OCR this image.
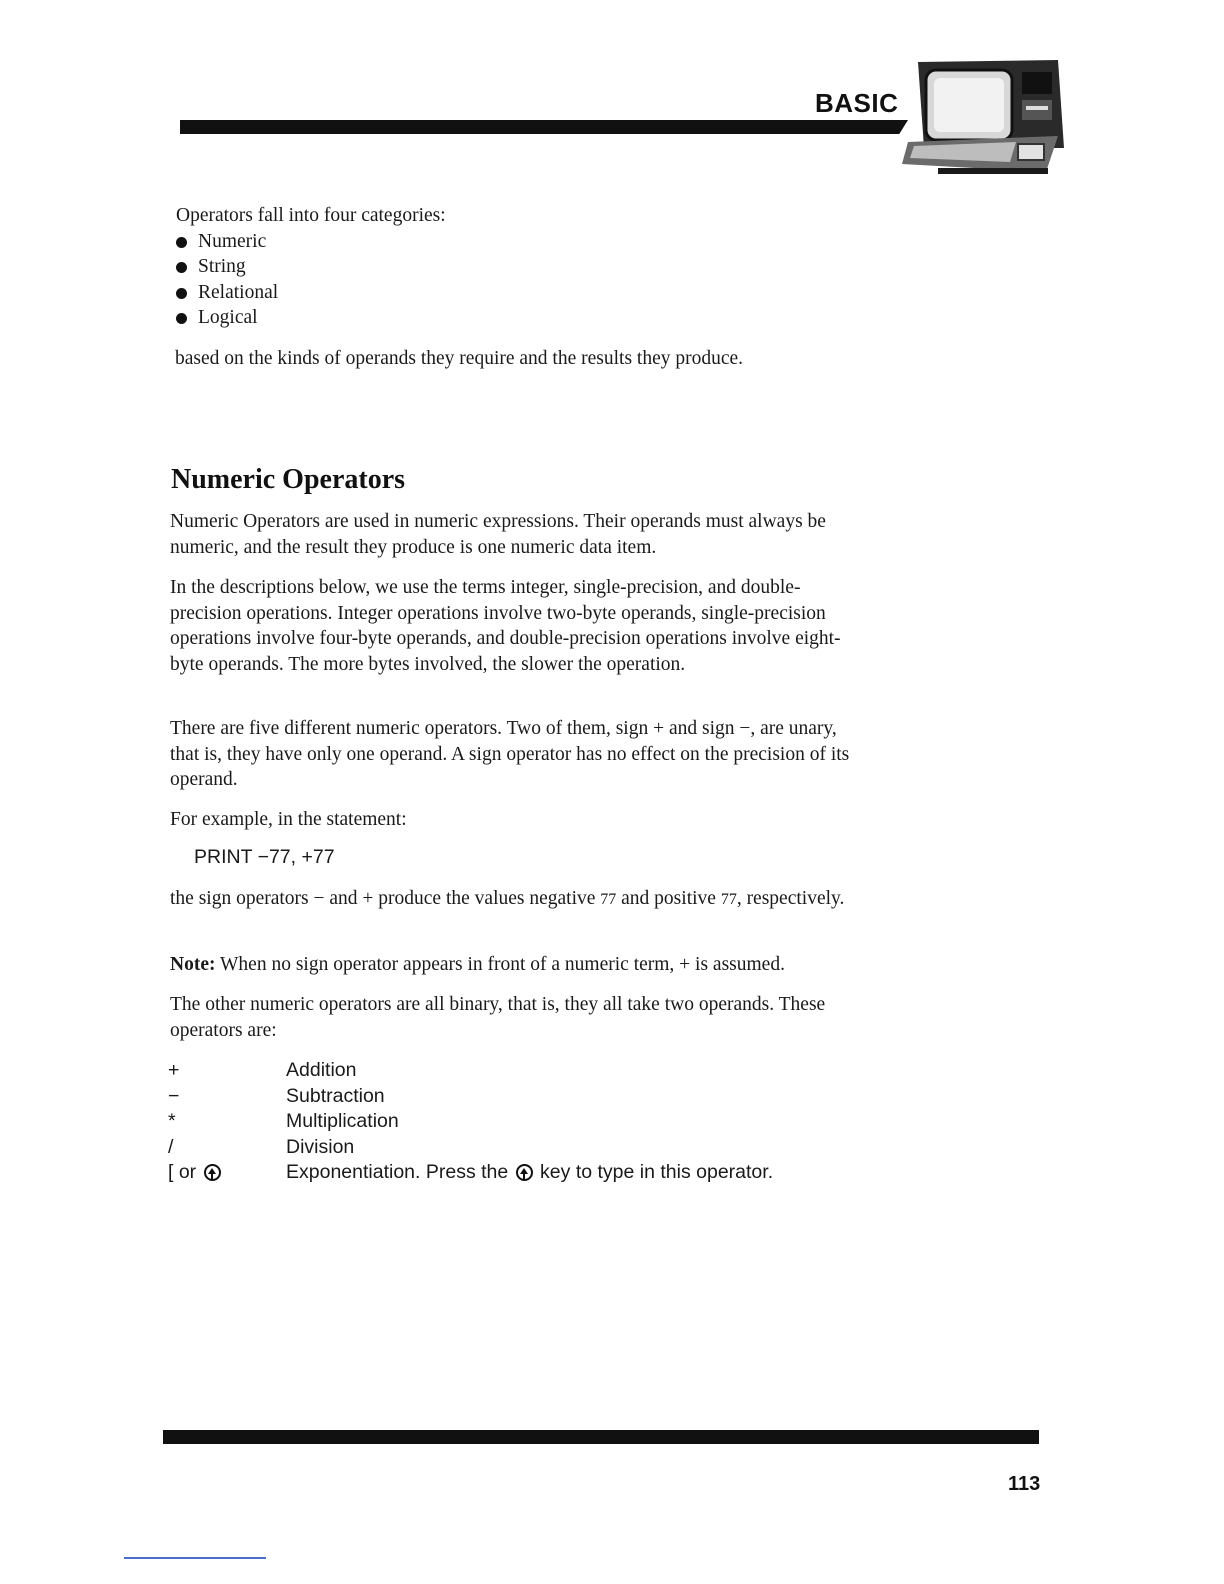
BASIC
Operators fall into four categories:
Numeric
String
Relational
Logical
based on the kinds of operands they require and the results they produce.
Numeric Operators
Numeric Operators are used in numeric expressions. Their operands must always be numeric, and the result they produce is one numeric data item.
In the descriptions below, we use the terms integer, single-precision, and double-precision operations. Integer operations involve two-byte operands, single-precision operations involve four-byte operands, and double-precision operations involve eight-byte operands. The more bytes involved, the slower the operation.
There are five different numeric operators. Two of them, sign + and sign −, are unary, that is, they have only one operand. A sign operator has no effect on the precision of its operand.
For example, in the statement:
PRINT −77, +77
the sign operators − and + produce the values negative 77 and positive 77, respectively.
Note: When no sign operator appears in front of a numeric term, + is assumed.
The other numeric operators are all binary, that is, they all take two operands. These operators are:
+	Addition
−	Subtraction
*	Multiplication
/	Division
[ or	Exponentiation. Press the  key to type in this operator.
113
